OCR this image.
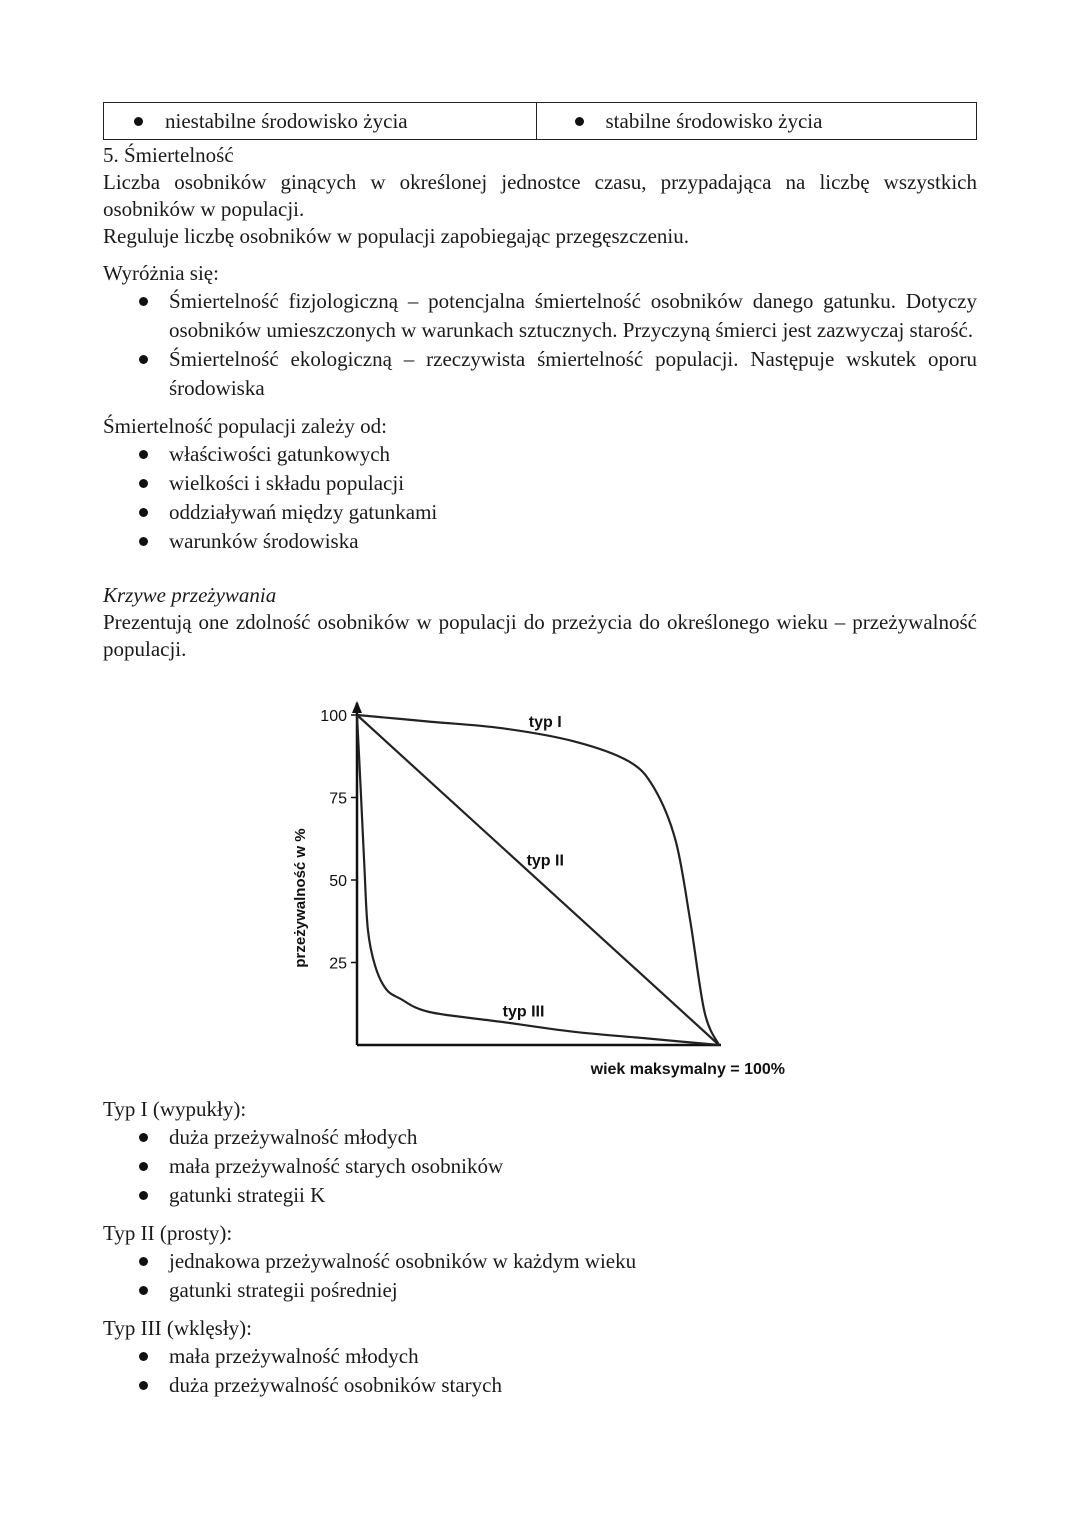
niestabilne środowisko życia	stabilne środowisko życia

5. Śmiertelność

Liczba osobników ginących w określonej jednostce czasu, przypadająca na liczbę wszystkich osobników w populacji.

Reguluje liczbę osobników w populacji zapobiegając przegęszczeniu.

Wyróżnia się:

Śmiertelność fizjologiczną – potencjalna śmiertelność osobników danego gatunku. Dotyczy osobników umieszczonych w warunkach sztucznych. Przyczyną śmierci jest zazwyczaj starość.
Śmiertelność ekologiczną – rzeczywista śmiertelność populacji. Następuje wskutek oporu środowiska

Śmiertelność populacji zależy od:

właściwości gatunkowych
wielkości i składu populacji
oddziaływań między gatunkami
warunków środowiska

Krzywe przeżywania

Prezentują one zdolność osobników w populacji do przeżycia do określonego wieku – przeżywalność populacji.

100
75
50
25
przeżywalność w %
wiek maksymalny = 100%
typ I
typ II
typ III

Typ I (wypukły):

duża przeżywalność młodych
mała przeżywalność starych osobników
gatunki strategii K

Typ II (prosty):

jednakowa przeżywalność osobników w każdym wieku
gatunki strategii pośredniej

Typ III (wklęsły):

mała przeżywalność młodych
duża przeżywalność osobników starych
